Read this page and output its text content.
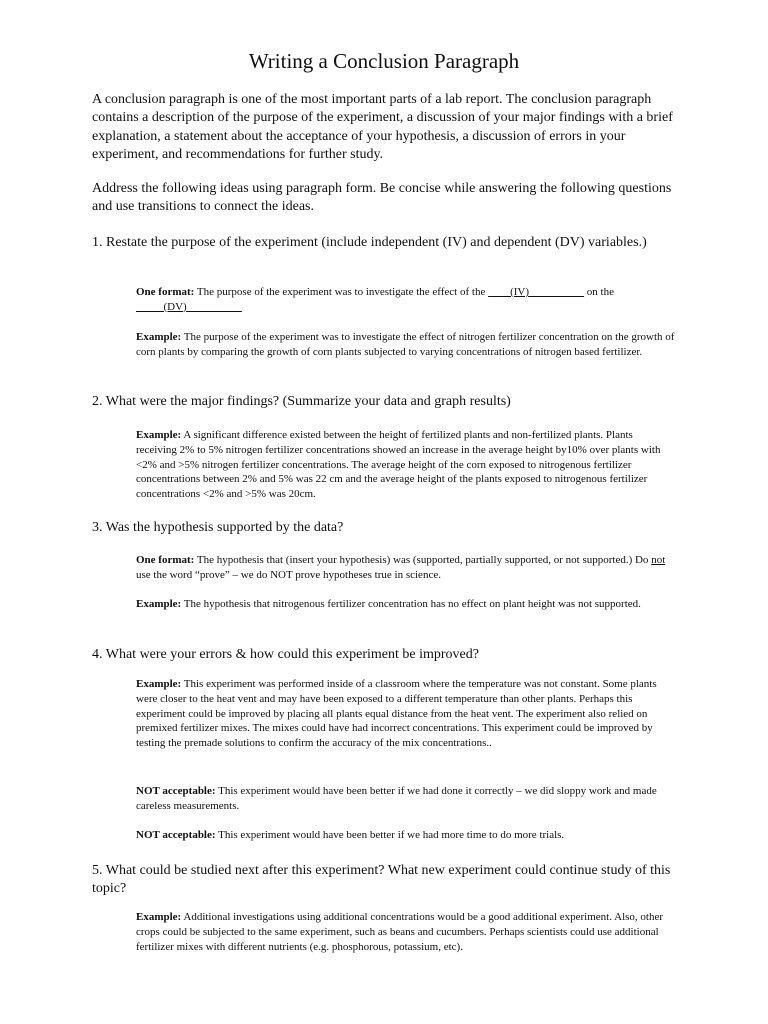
Writing a Conclusion Paragraph

A conclusion paragraph is one of the most important parts of a lab report. The conclusion paragraph contains a description of the purpose of the experiment, a discussion of your major findings with a brief explanation, a statement about the acceptance of your hypothesis, a discussion of errors in your experiment, and recommendations for further study.

Address the following ideas using paragraph form. Be concise while answering the following questions and use transitions to connect the ideas.

1. Restate the purpose of the experiment (include independent (IV) and dependent (DV) variables.)

One format: The purpose of the experiment was to investigate the effect of the ____(IV)__________ on the _____(DV)__________

Example: The purpose of the experiment was to investigate the effect of nitrogen fertilizer concentration on the growth of corn plants by comparing the growth of corn plants subjected to varying concentrations of nitrogen based fertilizer.

2. What were the major findings? (Summarize your data and graph results)

Example: A significant difference existed between the height of fertilized plants and non-fertilized plants. Plants receiving 2% to 5% nitrogen fertilizer concentrations showed an increase in the average height by10% over plants with <2% and >5% nitrogen fertilizer concentrations. The average height of the corn exposed to nitrogenous fertilizer concentrations between 2% and 5% was 22 cm and the average height of the plants exposed to nitrogenous fertilizer concentrations <2% and >5% was 20cm.

3. Was the hypothesis supported by the data?

One format: The hypothesis that (insert your hypothesis) was (supported, partially supported, or not supported.) Do not use the word “prove” – we do NOT prove hypotheses true in science.

Example: The hypothesis that nitrogenous fertilizer concentration has no effect on plant height was not supported.

4. What were your errors & how could this experiment be improved?

Example: This experiment was performed inside of a classroom where the temperature was not constant. Some plants were closer to the heat vent and may have been exposed to a different temperature than other plants. Perhaps this experiment could be improved by placing all plants equal distance from the heat vent. The experiment also relied on premixed fertilizer mixes. The mixes could have had incorrect concentrations. This experiment could be improved by testing the premade solutions to confirm the accuracy of the mix concentrations..

NOT acceptable: This experiment would have been better if we had done it correctly – we did sloppy work and made careless measurements.

NOT acceptable: This experiment would have been better if we had more time to do more trials.

5. What could be studied next after this experiment? What new experiment could continue study of this topic?

Example: Additional investigations using additional concentrations would be a good additional experiment. Also, other crops could be subjected to the same experiment, such as beans and cucumbers. Perhaps scientists could use additional fertilizer mixes with different nutrients (e.g. phosphorous, potassium, etc).
